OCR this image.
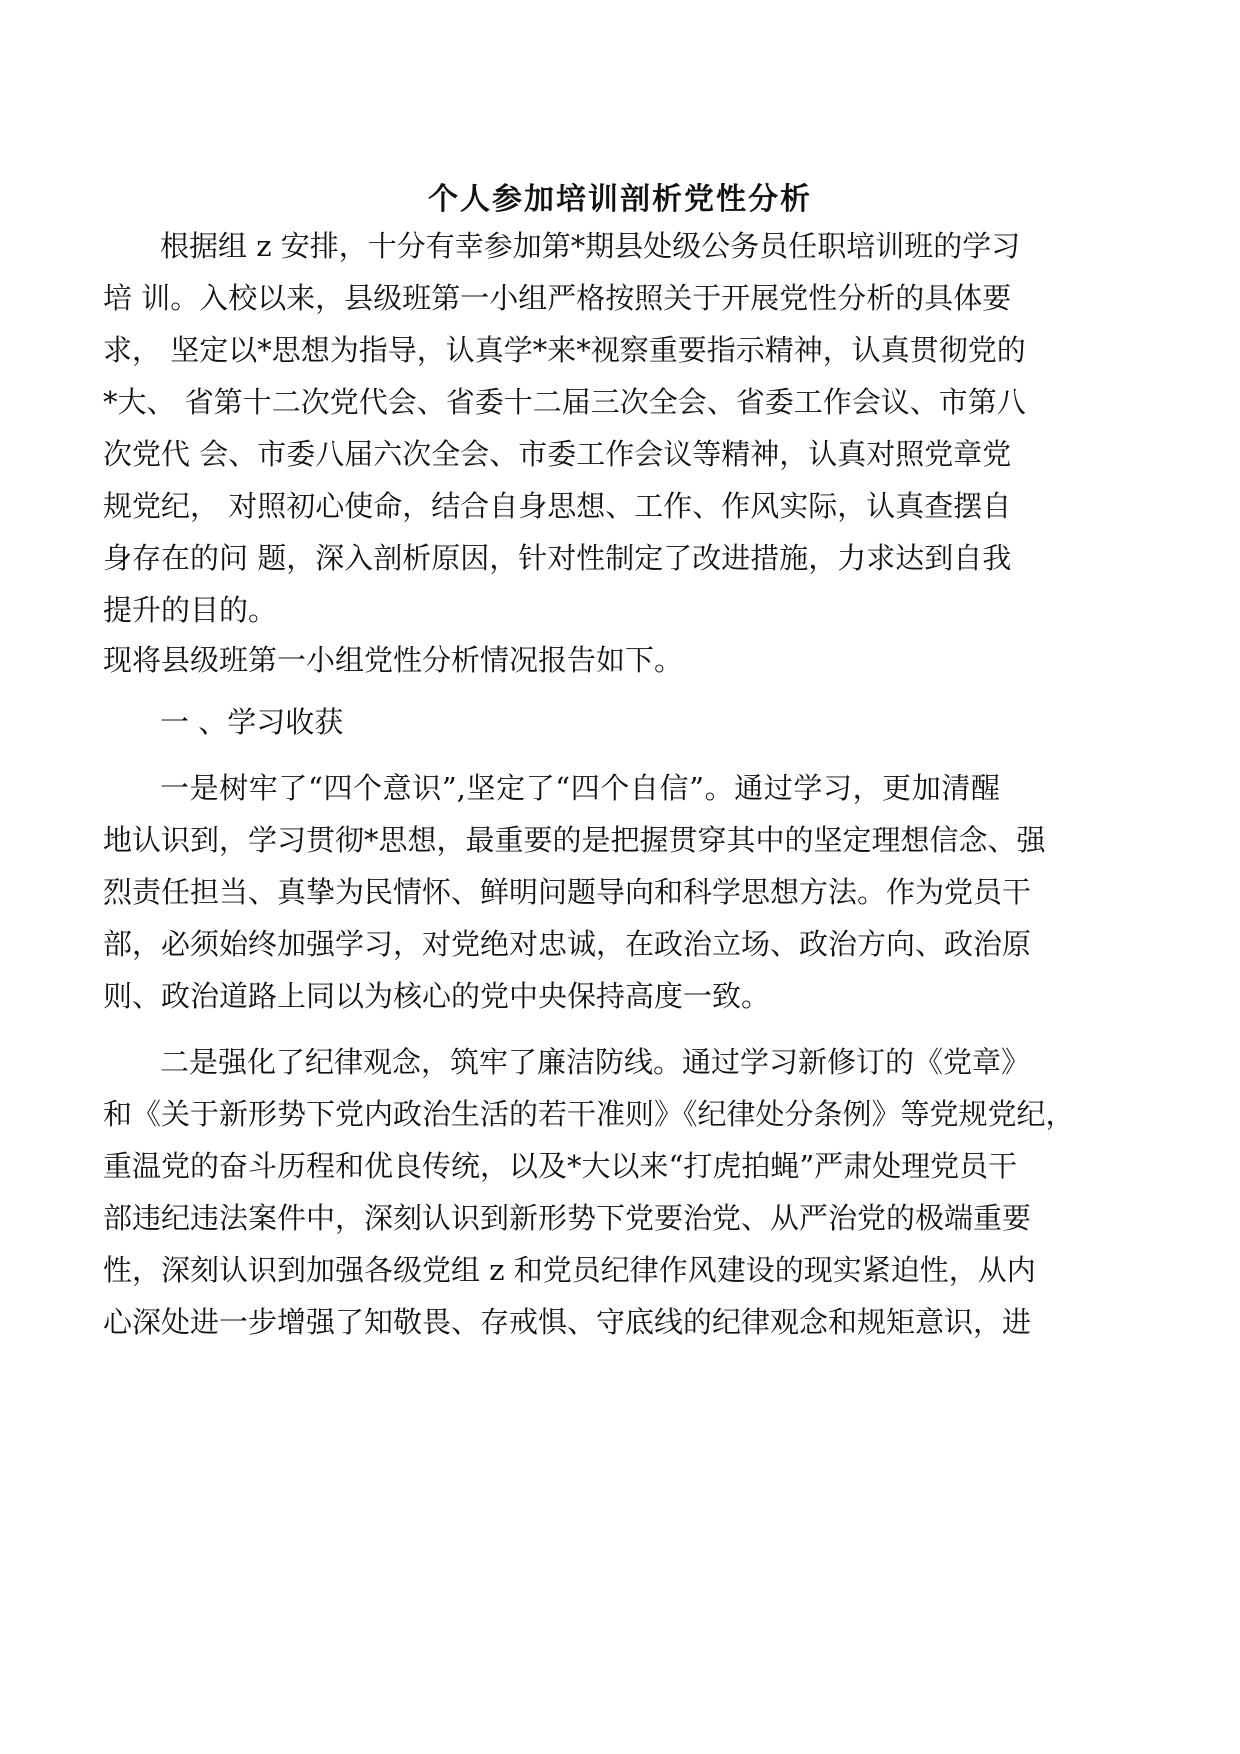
个人参加培训剖析党性分析
根据组 z 安排，十分有幸参加第*期县处级公务员任职培训班的学习
培 训。入校以来，县级班第一小组严格按照关于开展党性分析的具体要
求， 坚定以*思想为指导，认真学*来*视察重要指示精神，认真贯彻党的
*大、 省第十二次党代会、省委十二届三次全会、省委工作会议、市第八
次党代 会、市委八届六次全会、市委工作会议等精神，认真对照党章党
规党纪， 对照初心使命，结合自身思想、工作、作风实际，认真查摆自
身存在的问 题，深入剖析原因，针对性制定了改进措施，力求达到自我
提升的目的。
现将县级班第一小组党性分析情况报告如下。
一 、学习收获
一是树牢了“四个意识”,坚定了“四个自信”。通过学习，更加清醒
地认识到，学习贯彻*思想，最重要的是把握贯穿其中的坚定理想信念、强
烈责任担当、真挚为民情怀、鲜明问题导向和科学思想方法。作为党员干
部，必须始终加强学习，对党绝对忠诚，在政治立场、政治方向、政治原
则、政治道路上同以为核心的党中央保持高度一致。
二是强化了纪律观念，筑牢了廉洁防线。通过学习新修订的《党章》
和《关于新形势下党内政治生活的若干准则》《纪律处分条例》等党规党纪，
重温党的奋斗历程和优良传统，以及*大以来“打虎拍蝇”严肃处理党员干
部违纪违法案件中，深刻认识到新形势下党要治党、从严治党的极端重要
性，深刻认识到加强各级党组 z 和党员纪律作风建设的现实紧迫性，从内
心深处进一步增强了知敬畏、存戒惧、守底线的纪律观念和规矩意识，进
